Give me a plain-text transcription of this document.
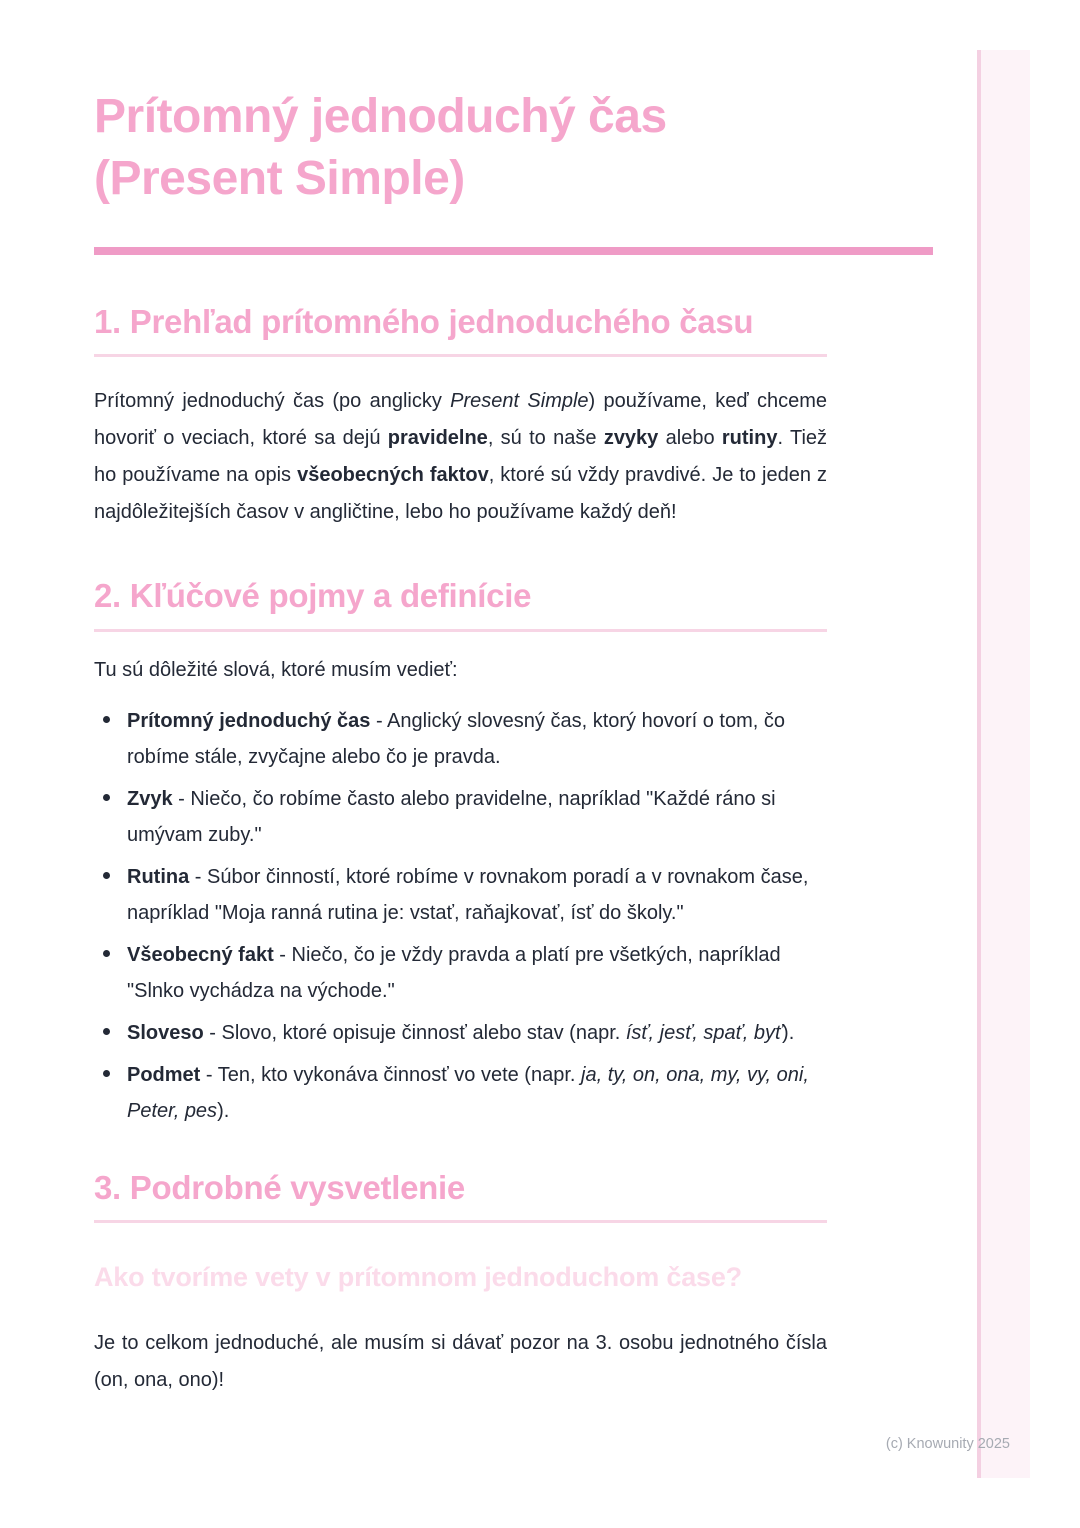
Prítomný jednoduchý čas (Present Simple)
1. Prehľad prítomného jednoduchého času

Prítomný jednoduchý čas (po anglicky Present Simple) používame, keď chceme hovoriť o veciach, ktoré sa dejú pravidelne, sú to naše zvyky alebo rutiny. Tiež ho používame na opis všeobecných faktov, ktoré sú vždy pravdivé. Je to jeden z najdôležitejších časov v angličtine, lebo ho používame každý deň!

2. Kľúčové pojmy a definície

Tu sú dôležité slová, ktoré musím vedieť:

Prítomný jednoduchý čas - Anglický slovesný čas, ktorý hovorí o tom, čo robíme stále, zvyčajne alebo čo je pravda.
Zvyk - Niečo, čo robíme často alebo pravidelne, napríklad "Každé ráno si umývam zuby."
Rutina - Súbor činností, ktoré robíme v rovnakom poradí a v rovnakom čase, napríklad "Moja ranná rutina je: vstať, raňajkovať, ísť do školy."
Všeobecný fakt - Niečo, čo je vždy pravda a platí pre všetkých, napríklad "Slnko vychádza na východe."
Sloveso - Slovo, ktoré opisuje činnosť alebo stav (napr. ísť, jesť, spať, byť).
Podmet - Ten, kto vykonáva činnosť vo vete (napr. ja, ty, on, ona, my, vy, oni, Peter, pes).
3. Podrobné vysvetlenie
Ako tvoríme vety v prítomnom jednoduchom čase?

Je to celkom jednoduché, ale musím si dávať pozor na 3. osobu jednotného čísla (on, ona, ono)!

(c) Knowunity 2025
